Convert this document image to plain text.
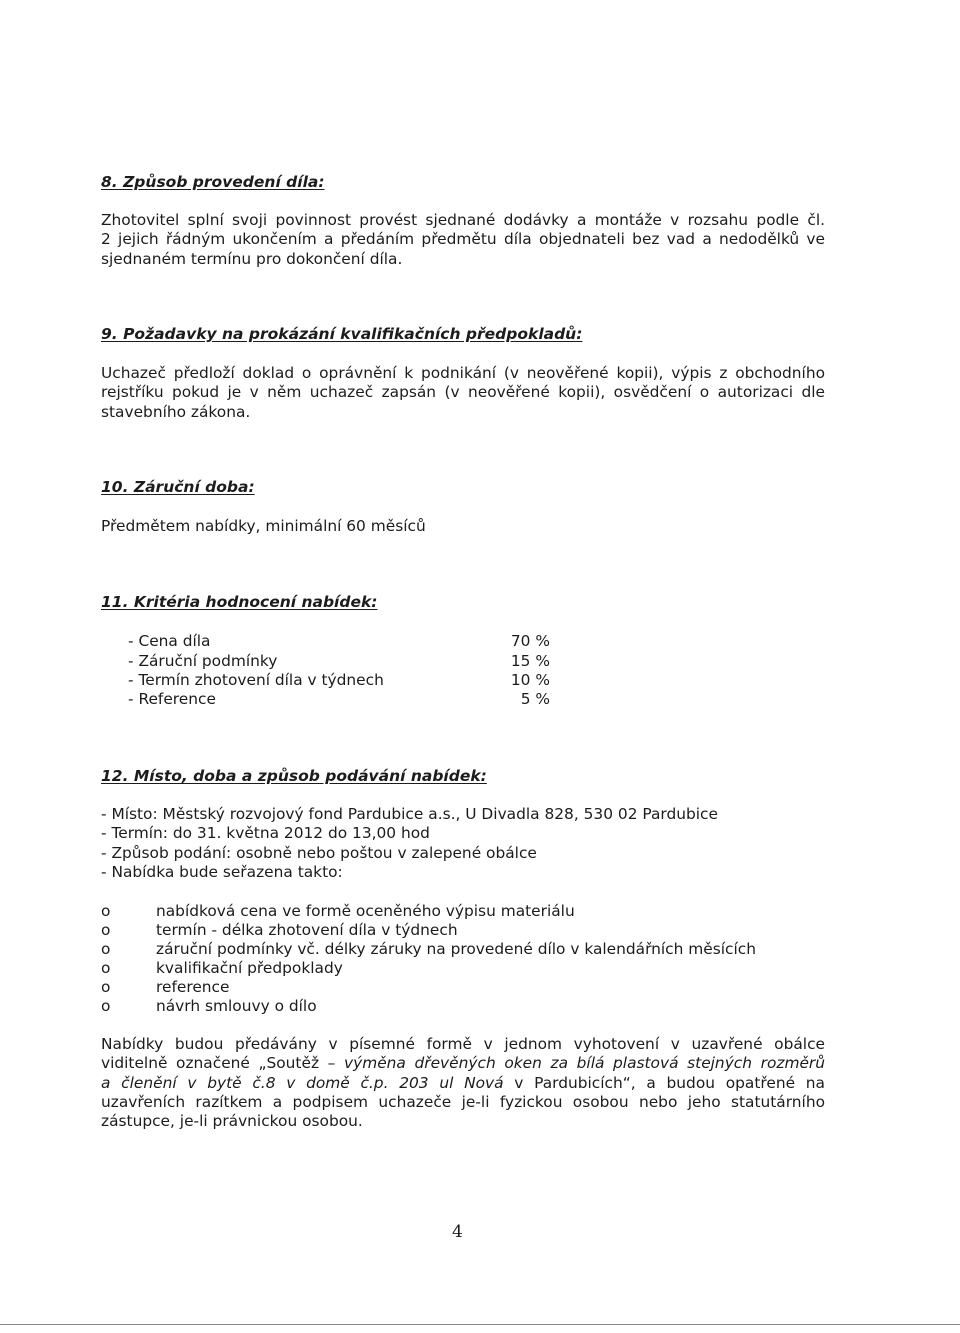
8. Způsob provedení díla:

Zhotovitel splní svoji povinnost provést sjednané dodávky a montáže v rozsahu podle čl.
2 jejich řádným ukončením a předáním předmětu díla objednateli bez vad a nedodělků ve
sjednaném termínu pro dokončení díla.

9. Požadavky na prokázání kvalifikačních předpokladů:

Uchazeč předloží doklad o oprávnění k podnikání (v neověřené kopii), výpis z obchodního
rejstříku pokud je v něm uchazeč zapsán (v neověřené kopii), osvědčení o autorizaci dle
stavebního zákona.

10. Záruční doba:

Předmětem nabídky, minimální 60 měsíců

11. Kritéria hodnocení nabídek:
- Cena díla	70 %
- Záruční podmínky	15 %
- Termín zhotovení díla v týdnech	10 %
- Reference	5 %
12. Místo, doba a způsob podávání nabídek:

- Místo: Městský rozvojový fond Pardubice a.s., U Divadla 828, 530 02 Pardubice
- Termín: do 31. května 2012 do 13,00 hod
- Způsob podání: osobně nebo poštou v zalepené obálce
- Nabídka bude seřazena takto:

o	nabídková cena ve formě oceněného výpisu materiálu
o	termín - délka zhotovení díla v týdnech
o	záruční podmínky vč. délky záruky na provedené dílo v kalendářních měsících
o	kvalifikační předpoklady
o	reference
o	návrh smlouvy o dílo

Nabídky budou předávány v písemné formě v jednom vyhotovení v uzavřené obálce
viditelně označené „Soutěž – výměna dřevěných oken za bílá plastová stejných rozměrů
a členění v bytě č.8 v domě č.p. 203 ul Nová v Pardubicích“, a budou opatřené na
uzavřeních razítkem a podpisem uchazeče je-li fyzickou osobou nebo jeho statutárního
zástupce, je-li právnickou osobou.

4
